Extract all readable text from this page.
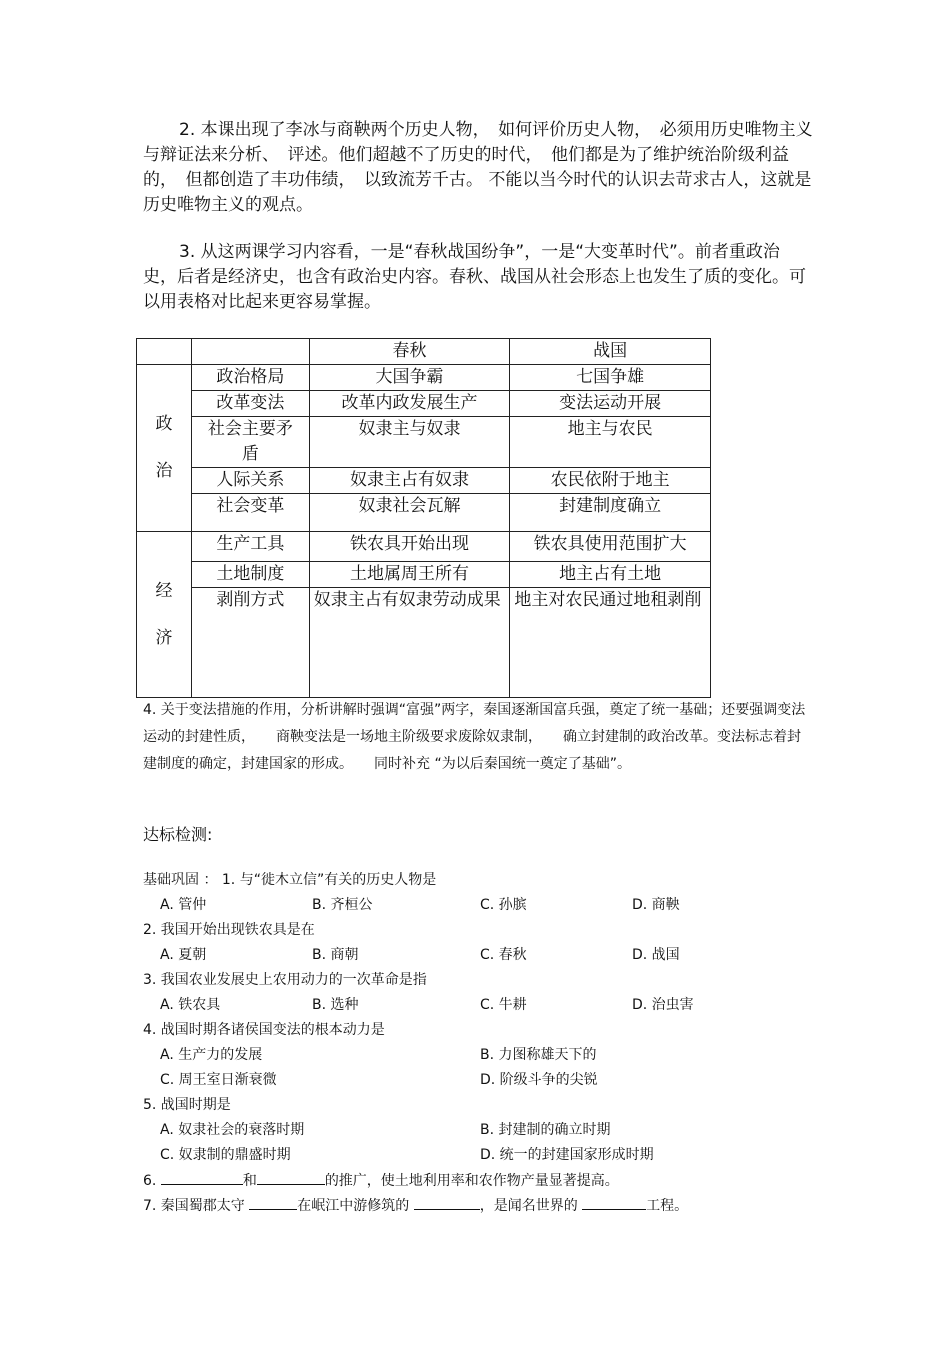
2. 本课出现了李冰与商鞅两个历史人物，　如何评价历史人物，　必须用历史唯物主义与辩证法来分析、　评述。他们超越不了历史的时代，　他们都是为了维护统治阶级利益的，　但都创造了丰功伟绩，　以致流芳千古。 不能以当今时代的认识去苛求古人，这就是历史唯物主义的观点。

3. 从这两课学习内容看，一是“春秋战国纷争”，一是“大变革时代”。前者重政治史，后者是经济史，也含有政治史内容。春秋、战国从社会形态上也发生了质的变化。可以用表格对比起来更容易掌握。

		春秋	战国

政
治	政治格局	大国争霸	七国争雄
	改革变法	改革内政发展生产	变法运动开展
	社会主要矛盾	奴隶主与奴隶	地主与农民
	人际关系	奴隶主占有奴隶	农民依附于地主
	社会变革	奴隶社会瓦解	封建制度确立

经
济	生产工具	铁农具开始出现	铁农具使用范围扩大
	土地制度	土地属周王所有	地主占有土地
	剥削方式	奴隶主占有奴隶劳动成果	地主对农民通过地租剥削

4. 关于变法措施的作用，分析讲解时强调“富强”两字，秦国逐渐国富兵强，奠定了统一基础；还要强调变法运动的封建性质，　　商鞅变法是一场地主阶级要求废除奴隶制，　　确立封建制的政治改革。变法标志着封建制度的确定，封建国家的形成。　　同时补充 “为以后秦国统一奠定了基础”。

达标检测:
基础巩固 ： 1. 与“徙木立信”有关的历史人物是
A. 管仲	B. 齐桓公	C. 孙膑	D. 商鞅
2. 我国开始出现铁农具是在
A. 夏朝	B. 商朝	C. 春秋	D. 战国
3. 我国农业发展史上农用动力的一次革命是指
A. 铁农具	B. 选种	C. 牛耕	D. 治虫害
4. 战国时期各诸侯国变法的根本动力是
A. 生产力的发展	B. 力图称雄天下的
C. 周王室日渐衰微	D. 阶级斗争的尖锐
5. 战国时期是
A. 奴隶社会的衰落时期	B. 封建制的确立时期
C. 奴隶制的鼎盛时期	D. 统一的封建国家形成时期
6.	和	的推广，使土地利用率和农作物产量显著提高。
7. 秦国蜀郡太守	在岷江中游修筑的	，是闻名世界的	工程。
